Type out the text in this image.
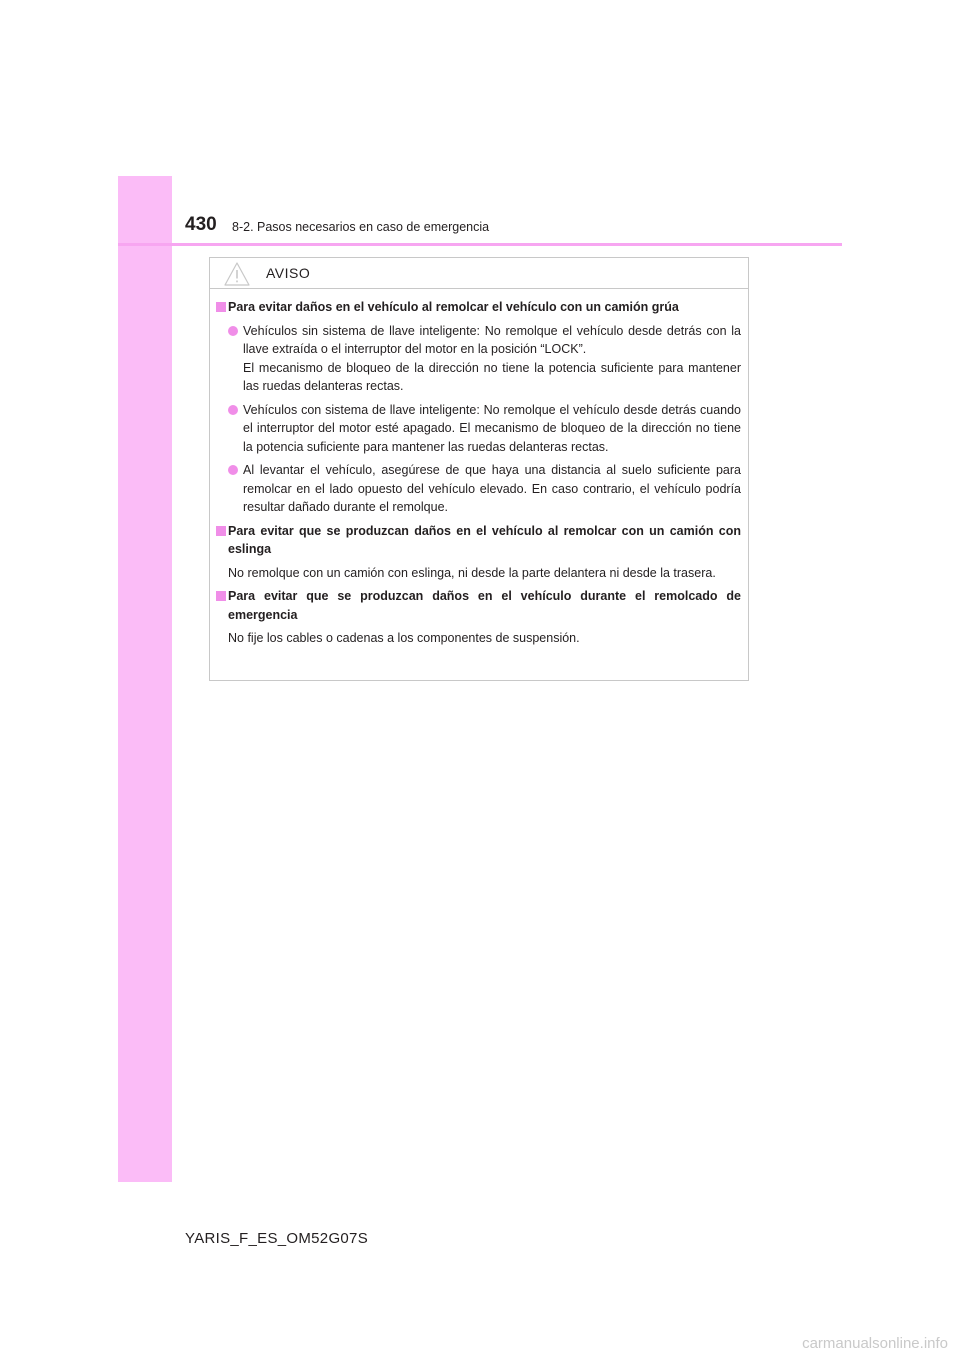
430 8-2. Pasos necesarios en caso de emergencia
AVISO
Para evitar daños en el vehículo al remolcar el vehículo con un camión grúa
Vehículos sin sistema de llave inteligente: No remolque el vehículo desde detrás con la llave extraída o el interruptor del motor en la posición “LOCK”.
El mecanismo de bloqueo de la dirección no tiene la potencia suficiente para mantener las ruedas delanteras rectas.
Vehículos con sistema de llave inteligente: No remolque el vehículo desde detrás cuando el interruptor del motor esté apagado. El mecanismo de bloqueo de la dirección no tiene la potencia suficiente para mantener las ruedas delanteras rectas.
Al levantar el vehículo, asegúrese de que haya una distancia al suelo suficiente para remolcar en el lado opuesto del vehículo elevado. En caso contrario, el vehículo podría resultar dañado durante el remolque.
Para evitar que se produzcan daños en el vehículo al remolcar con un camión con eslinga
No remolque con un camión con eslinga, ni desde la parte delantera ni desde la trasera.
Para evitar que se produzcan daños en el vehículo durante el remolcado de emergencia
No fije los cables o cadenas a los componentes de suspensión.
YARIS_F_ES_OM52G07S
carmanualsonline.info
